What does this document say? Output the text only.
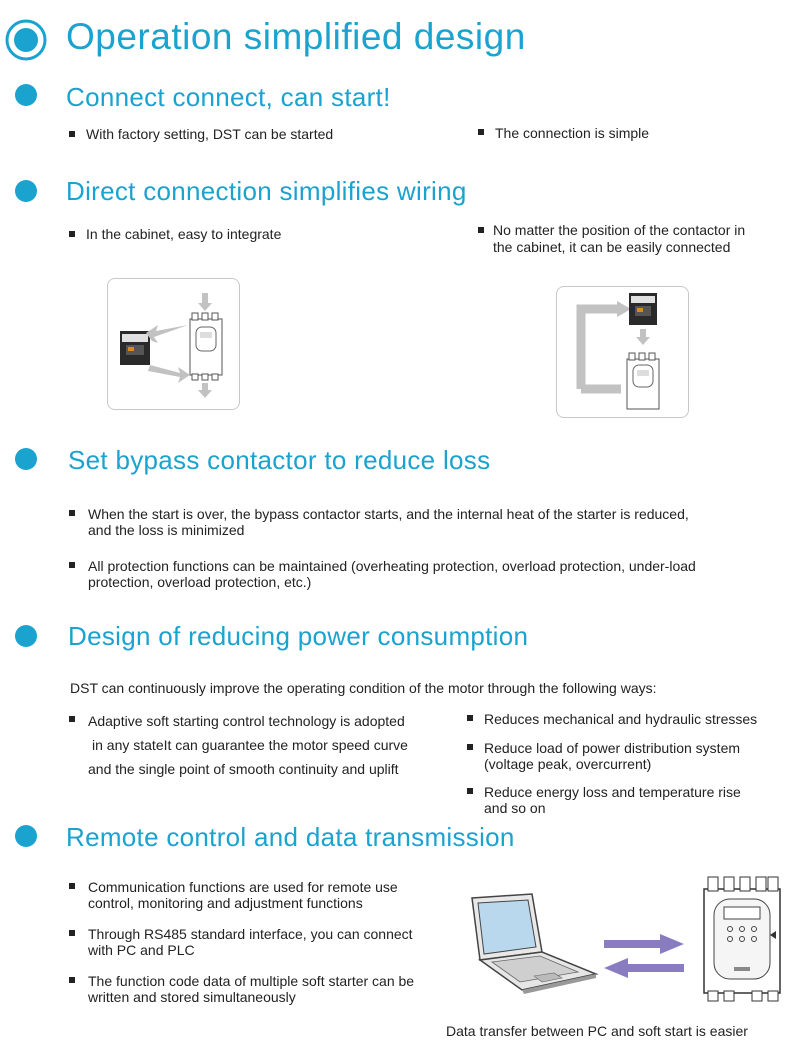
Operation simplified design
Connect connect, can start!
With factory setting, DST can be started	The connection is simple
Direct connection simplifies wiring
In the cabinet, easy to integrate	No matter the position of the contactor in
the cabinet, it can be easily connected
Set bypass contactor to reduce loss
When the start is over, the bypass contactor starts, and the internal heat of the starter is reduced,
and the loss is minimized
All protection functions can be maintained (overheating protection, overload protection, under-load
protection, overload protection, etc.)
Design of reducing power consumption
DST can continuously improve the operating condition of the motor through the following ways:
Adaptive soft starting control technology is adopted
in any stateIt can guarantee the motor speed curve
and the single point of smooth continuity and uplift
Reduces mechanical and hydraulic stresses
Reduce load of power distribution system
(voltage peak, overcurrent)
Reduce energy loss and temperature rise
and so on
Remote control and data transmission
Communication functions are used for remote use
control, monitoring and adjustment functions
Through RS485 standard interface, you can connect
with PC and PLC
The function code data of multiple soft starter can be
written and stored simultaneously
Data transfer between PC and soft start is easier
